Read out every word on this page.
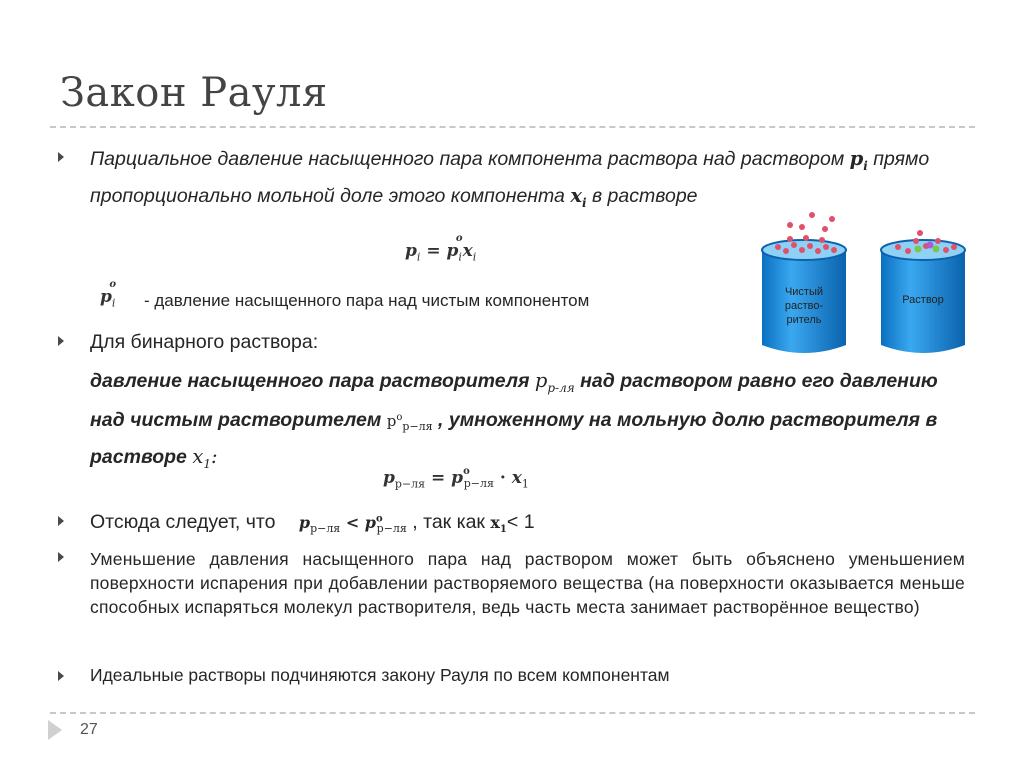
Закон Рауля
Парциальное давление насыщенного пара компонента раствора над раствором $p_i$ прямо пропорционально мольной доле этого компонента $x_i$ в растворе
$p_i = p_i^ox_i$
$p_i^o$
- давление насыщенного пара над чистым компонентом
Для бинарного раствора:
давление насыщенного пара растворителя $p_{р-ля}$ над раствором равно его давлению над чистым растворителем $p^o_{р-ля}$ , умноженному на мольную долю растворителя в растворе $x_1$:
$p_{р-ля} = p^o_{р-ля} \cdot x_1$
Отсюда следует, что $p_{р-ля} < p^o_{р-ля}$ , так как $x_1< 1$
Уменьшение давления насыщенного пара над раствором может быть объяснено уменьшением поверхности испарения при добавлении растворяемого вещества (на поверхности оказывается меньше способных испаряться молекул растворителя, ведь часть места занимает растворённое вещество)
Идеальные растворы подчиняются закону Рауля по всем компонентам
Чистый
раство-
ритель
Раствор
27
